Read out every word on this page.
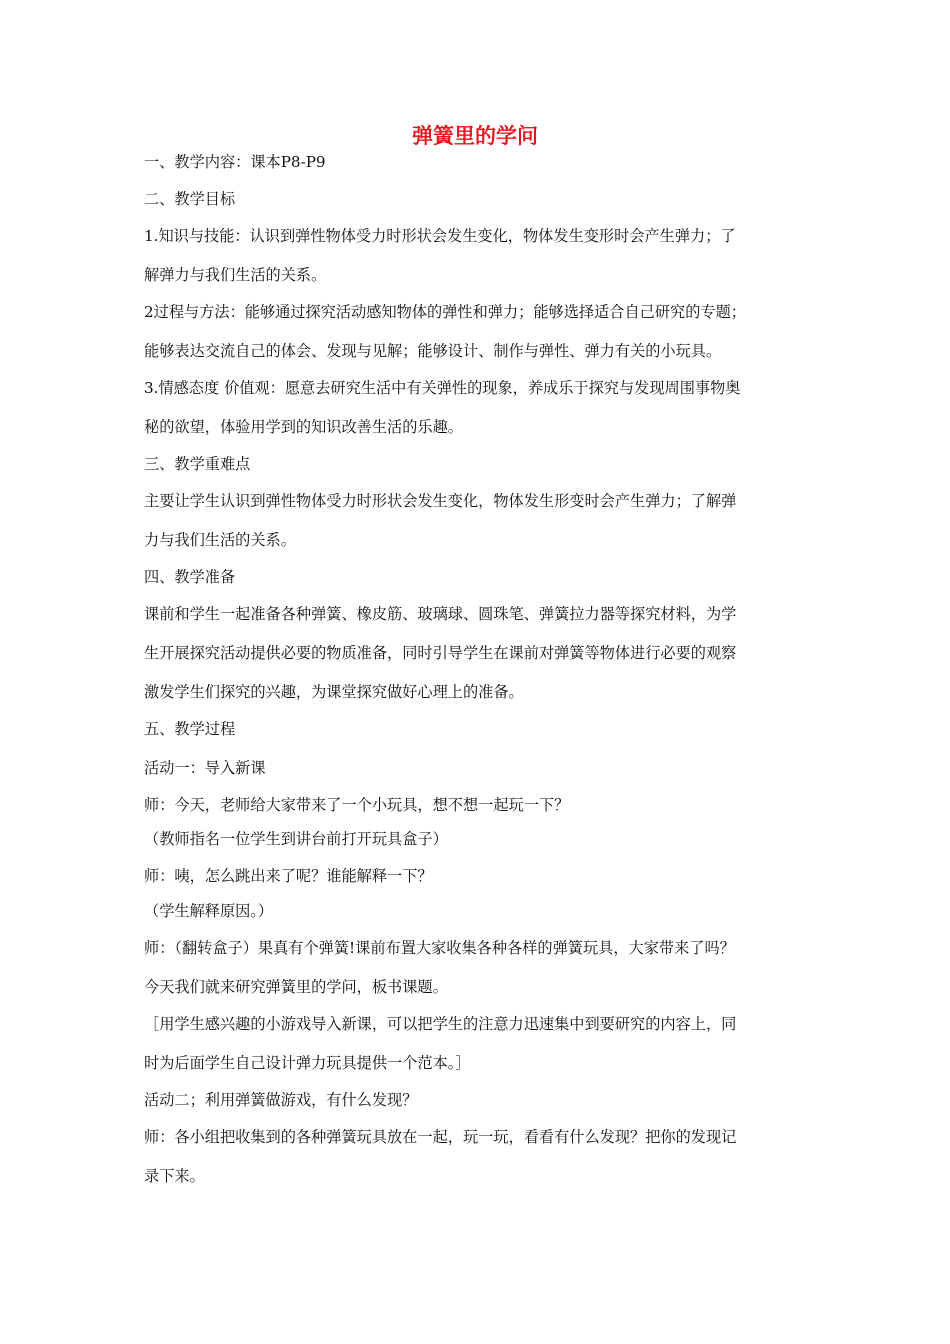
弹簧里的学问

一、教学内容：课本P8-P9

二、教学目标

1.知识与技能：认识到弹性物体受力时形状会发生变化，物体发生变形时会产生弹力；了

解弹力与我们生活的关系。

2过程与方法：能够通过探究活动感知物体的弹性和弹力；能够选择适合自己研究的专题；

能够表达交流自己的体会、发现与见解；能够设计、制作与弹性、弹力有关的小玩具。

3.情感态度 价值观：愿意去研究生活中有关弹性的现象，养成乐于探究与发现周围事物奥

秘的欲望，体验用学到的知识改善生活的乐趣。

三、教学重难点

主要让学生认识到弹性物体受力时形状会发生变化，物体发生形变时会产生弹力；了解弹

力与我们生活的关系。

四、教学准备

课前和学生一起准备各种弹簧、橡皮筋、玻璃球、圆珠笔、弹簧拉力器等探究材料，为学

生开展探究活动提供必要的物质准备，同时引导学生在课前对弹簧等物体进行必要的观察

激发学生们探究的兴趣，为课堂探究做好心理上的准备。

五、教学过程

活动一：导入新课

师：今天，老师给大家带来了一个小玩具，想不想一起玩一下？

（教师指名一位学生到讲台前打开玩具盒子）

师：咦，怎么跳出来了呢？谁能解释一下？

（学生解释原因。）

师：（翻转盒子）果真有个弹簧!课前布置大家收集各种各样的弹簧玩具，大家带来了吗？

今天我们就来研究弹簧里的学问，板书课题。

［用学生感兴趣的小游戏导入新课，可以把学生的注意力迅速集中到要研究的内容上，同

时为后面学生自己设计弹力玩具提供一个范本。］

活动二；利用弹簧做游戏，有什么发现？

师：各小组把收集到的各种弹簧玩具放在一起，玩一玩，看看有什么发现？把你的发现记

录下来。
